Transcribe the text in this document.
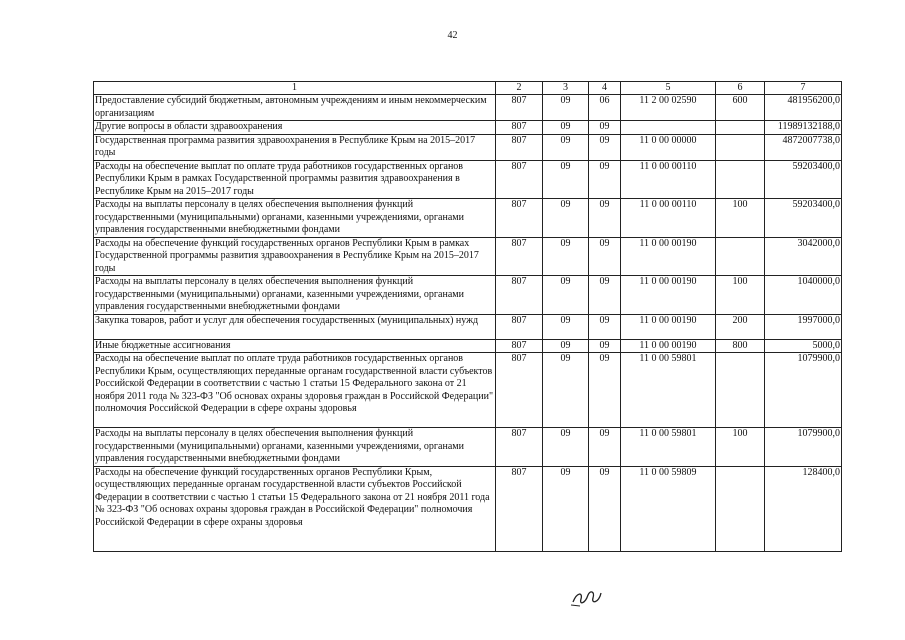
42
1	2	3	4	5	6	7
Предоставление субсидий бюджетным, автономным учреждениям и иным некоммерческим организациям	807	09	06	11 2 00 02590	600	481956200,0
Другие вопросы в области здравоохранения	807	09	09			11989132188,0
Государственная программа развития здравоохранения в Республике Крым на 2015–2017 годы	807	09	09	11 0 00 00000		4872007738,0
Расходы на обеспечение выплат по оплате труда работников государственных органов Республики Крым в рамках Государственной программы развития здравоохранения в Республике Крым на 2015–2017 годы	807	09	09	11 0 00 00110		59203400,0
Расходы на выплаты персоналу в целях обеспечения выполнения функций государственными (муниципальными) органами, казенными учреждениями, органами управления государственными внебюджетными фондами	807	09	09	11 0 00 00110	100	59203400,0
Расходы на обеспечение функций государственных органов Республики Крым в рамках Государственной программы развития здравоохранения в Республике Крым на 2015–2017 годы	807	09	09	11 0 00 00190		3042000,0
Расходы на выплаты персоналу в целях обеспечения выполнения функций государственными (муниципальными) органами, казенными учреждениями, органами управления государственными внебюджетными фондами	807	09	09	11 0 00 00190	100	1040000,0
Закупка товаров, работ и услуг для обеспечения государственных (муниципальных) нужд	807	09	09	11 0 00 00190	200	1997000,0
Иные бюджетные ассигнования	807	09	09	11 0 00 00190	800	5000,0
Расходы на обеспечение выплат по оплате труда работников государственных органов Республики Крым, осуществляющих переданные органам государственной власти субъектов Российской Федерации в соответствии с частью 1 статьи 15 Федерального закона от 21 ноября 2011 года № 323-ФЗ "Об основах охраны здоровья граждан в Российской Федерации" полномочия Российской Федерации в сфере охраны здоровья	807	09	09	11 0 00 59801		1079900,0
Расходы на выплаты персоналу в целях обеспечения выполнения функций государственными (муниципальными) органами, казенными учреждениями, органами управления государственными внебюджетными фондами	807	09	09	11 0 00 59801	100	1079900,0
Расходы на обеспечение функций государственных органов Республики Крым, осуществляющих переданные органам государственной власти субъектов Российской Федерации в соответствии с частью 1 статьи 15 Федерального закона от 21 ноября 2011 года № 323-ФЗ "Об основах охраны здоровья граждан в Российской Федерации" полномочия Российской Федерации в сфере охраны здоровья	807	09	09	11 0 00 59809		128400,0
